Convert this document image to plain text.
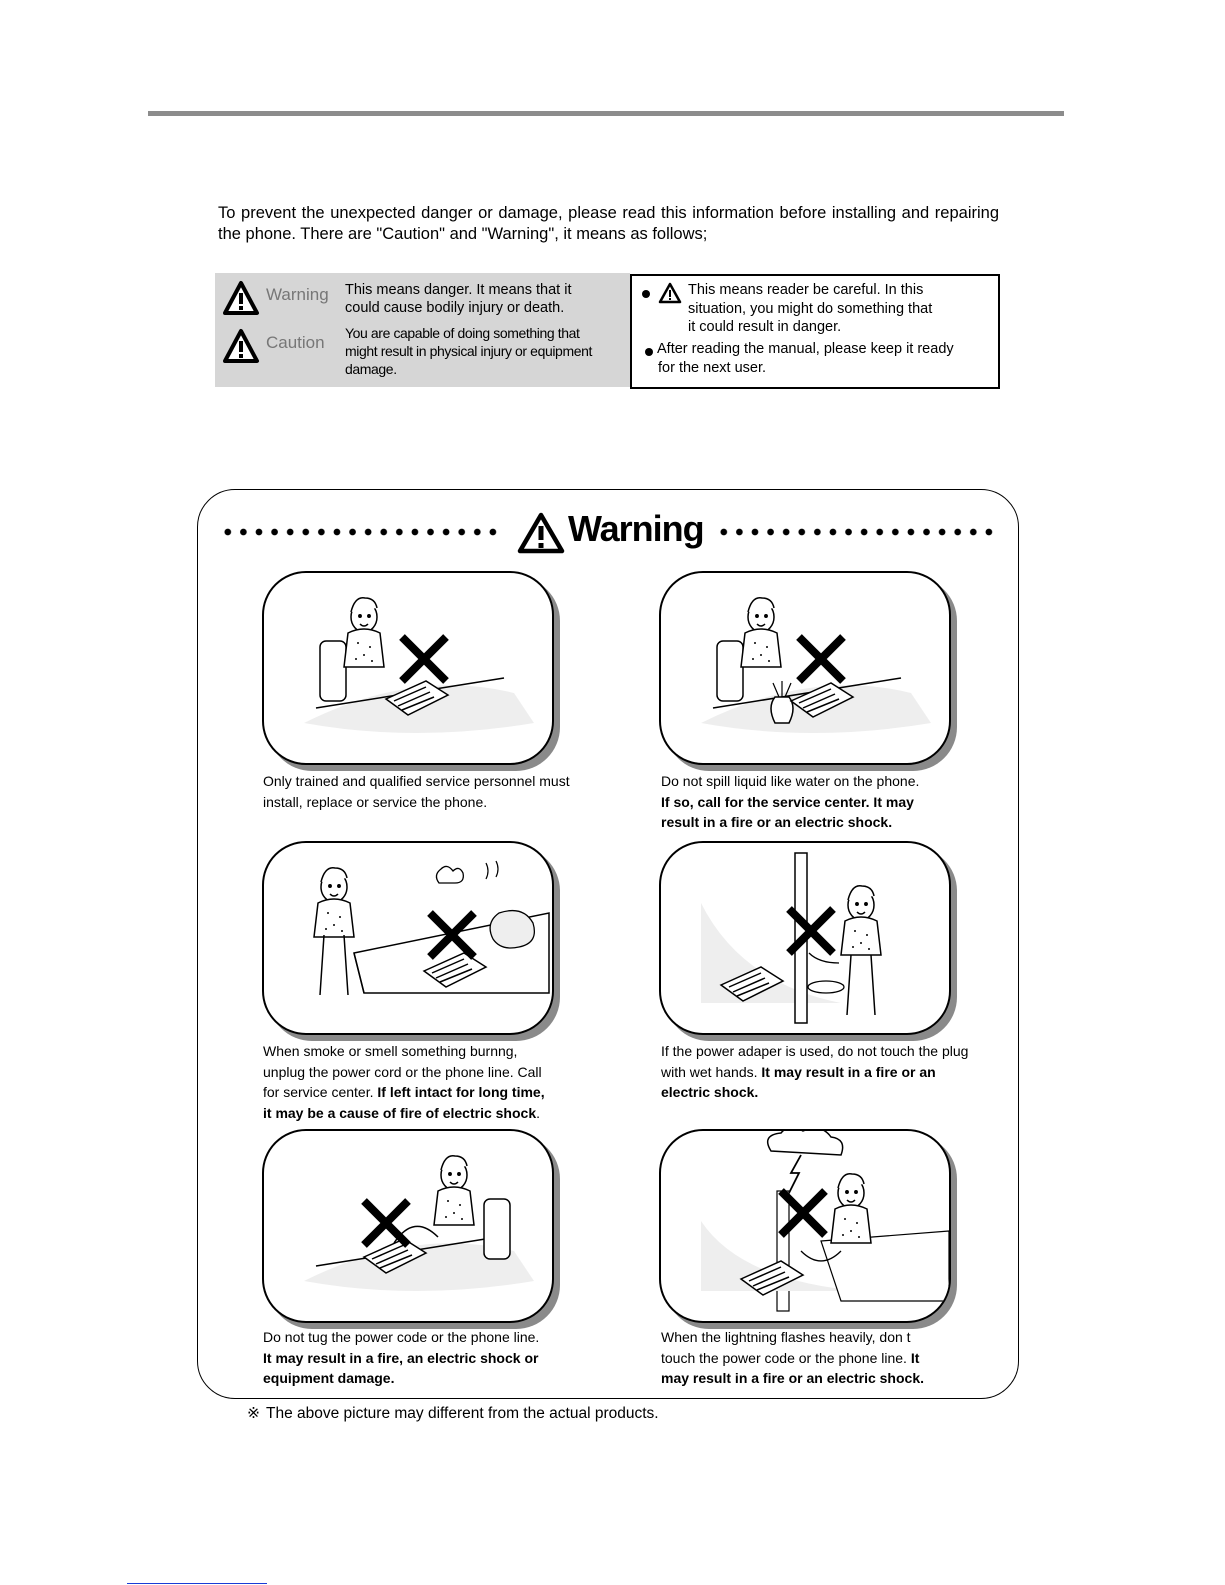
To prevent the unexpected danger or damage, please read this information before installing and repairing the phone. There are "Caution" and "Warning", it means as follows;

Warning This means danger. It means that it
could cause bodily injury or death.
Caution You are capable of doing something that
might result in physical injury or equipment
damage.
This means reader be careful. In this
situation, you might do something that
it could result in danger.
After reading the manual, please keep it ready
for the next user.
Warning
Only trained and qualified service personnel must
install, replace or service the phone.
Do not spill liquid like water on the phone.
If so, call for the service center. It may
result in a fire or an electric shock.
When smoke or smell something burnng,
unplug the power cord or the phone line. Call
for service center. If left intact for long time,
it may be a cause of fire of electric shock.
If the power adaper is used, do not touch the plug
with wet hands. It may result in a fire or an
electric shock.
Do not tug the power code or the phone line.
It may result in a fire, an electric shock or
equipment damage.
When the lightning flashes heavily, don t
touch the power code or the phone line. It
may result in a fire or an electric shock.
※ The above picture may different from the actual products.
